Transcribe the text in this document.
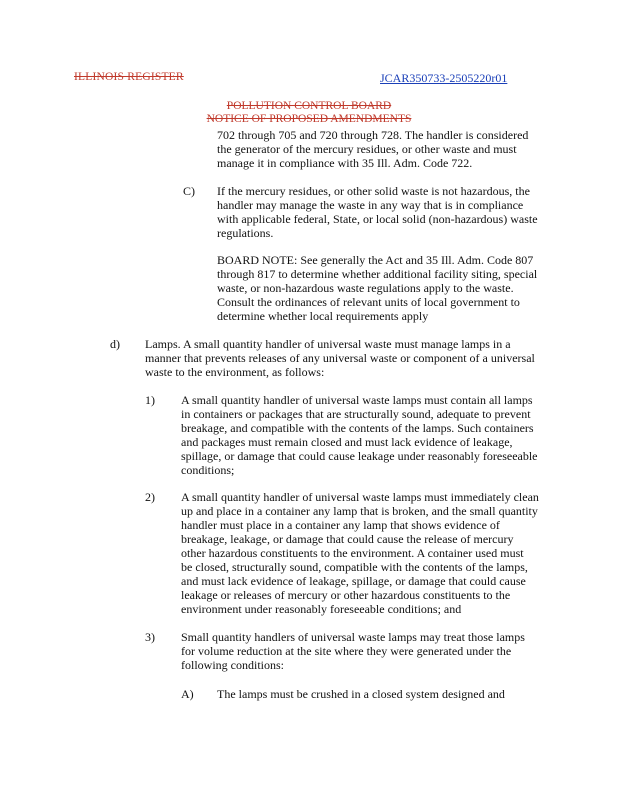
ILLINOIS REGISTER	JCAR350733-2505220r01
POLLUTION CONTROL BOARD
NOTICE OF PROPOSED AMENDMENTS
702 through 705 and 720 through 728. The handler is considered
the generator of the mercury residues, or other waste and must
manage it in compliance with 35 Ill. Adm. Code 722.
C) If the mercury residues, or other solid waste is not hazardous, the
handler may manage the waste in any way that is in compliance
with applicable federal, State, or local solid (non-hazardous) waste
regulations.
BOARD NOTE: See generally the Act and 35 Ill. Adm. Code 807
through 817 to determine whether additional facility siting, special
waste, or non-hazardous waste regulations apply to the waste.
Consult the ordinances of relevant units of local government to
determine whether local requirements apply
d) Lamps. A small quantity handler of universal waste must manage lamps in a
manner that prevents releases of any universal waste or component of a universal
waste to the environment, as follows:
1) A small quantity handler of universal waste lamps must contain all lamps
in containers or packages that are structurally sound, adequate to prevent
breakage, and compatible with the contents of the lamps. Such containers
and packages must remain closed and must lack evidence of leakage,
spillage, or damage that could cause leakage under reasonably foreseeable
conditions;
2) A small quantity handler of universal waste lamps must immediately clean
up and place in a container any lamp that is broken, and the small quantity
handler must place in a container any lamp that shows evidence of
breakage, leakage, or damage that could cause the release of mercury
other hazardous constituents to the environment. A container used must
be closed, structurally sound, compatible with the contents of the lamps,
and must lack evidence of leakage, spillage, or damage that could cause
leakage or releases of mercury or other hazardous constituents to the
environment under reasonably foreseeable conditions; and
3) Small quantity handlers of universal waste lamps may treat those lamps
for volume reduction at the site where they were generated under the
following conditions:
A) The lamps must be crushed in a closed system designed and
